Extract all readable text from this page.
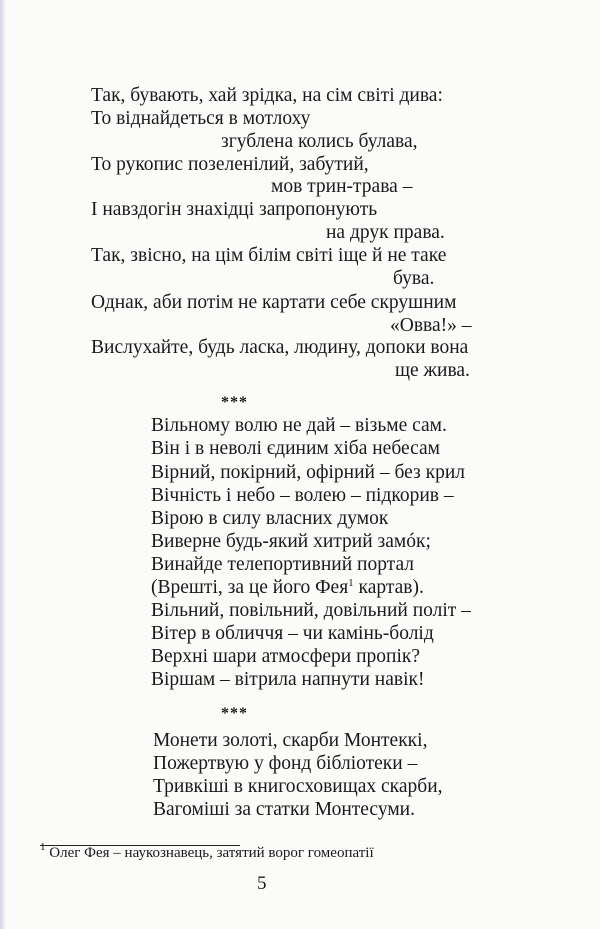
Так, бувають, хай зрідка, на сім світі дива:
То віднайдеться в мотлоху
згублена колись булава,
То рукопис позеленілий, забутий,
мов трин-трава –
І навздогін знахідці запропонують
на друк права.
Так, звісно, на цім білім світі іще й не таке
бува.
Однак, аби потім не картати себе скрушним
«Овва!» –
Вислухайте, будь ласка, людину, допоки вона
ще жива.
***
Вільному волю не дай – візьме сам.
Він і в неволі єдиним хіба небесам
Вірний, покірний, офірний – без крил
Вічність і небо – волею – підкорив –
Вірою в силу власних думок
Виверне будь-який хитрий замóк;
Винайде телепортивний портал
(Врешті, за це його Фея$^1$ картав).
Вільний, повільний, довільний політ –
Вітер в обличчя – чи камінь-болід
Верхні шари атмосфери пропік?
Віршам – вітрила напнути навік!
***
Монети золоті, скарби Монтеккі,
Пожертвую у фонд бібліотеки –
Тривкіші в книгосховищах скарби,
Вагоміші за статки Монтесуми.
$^1$ Олег Фея – наукознавець, затятий ворог гомеопатії
5
